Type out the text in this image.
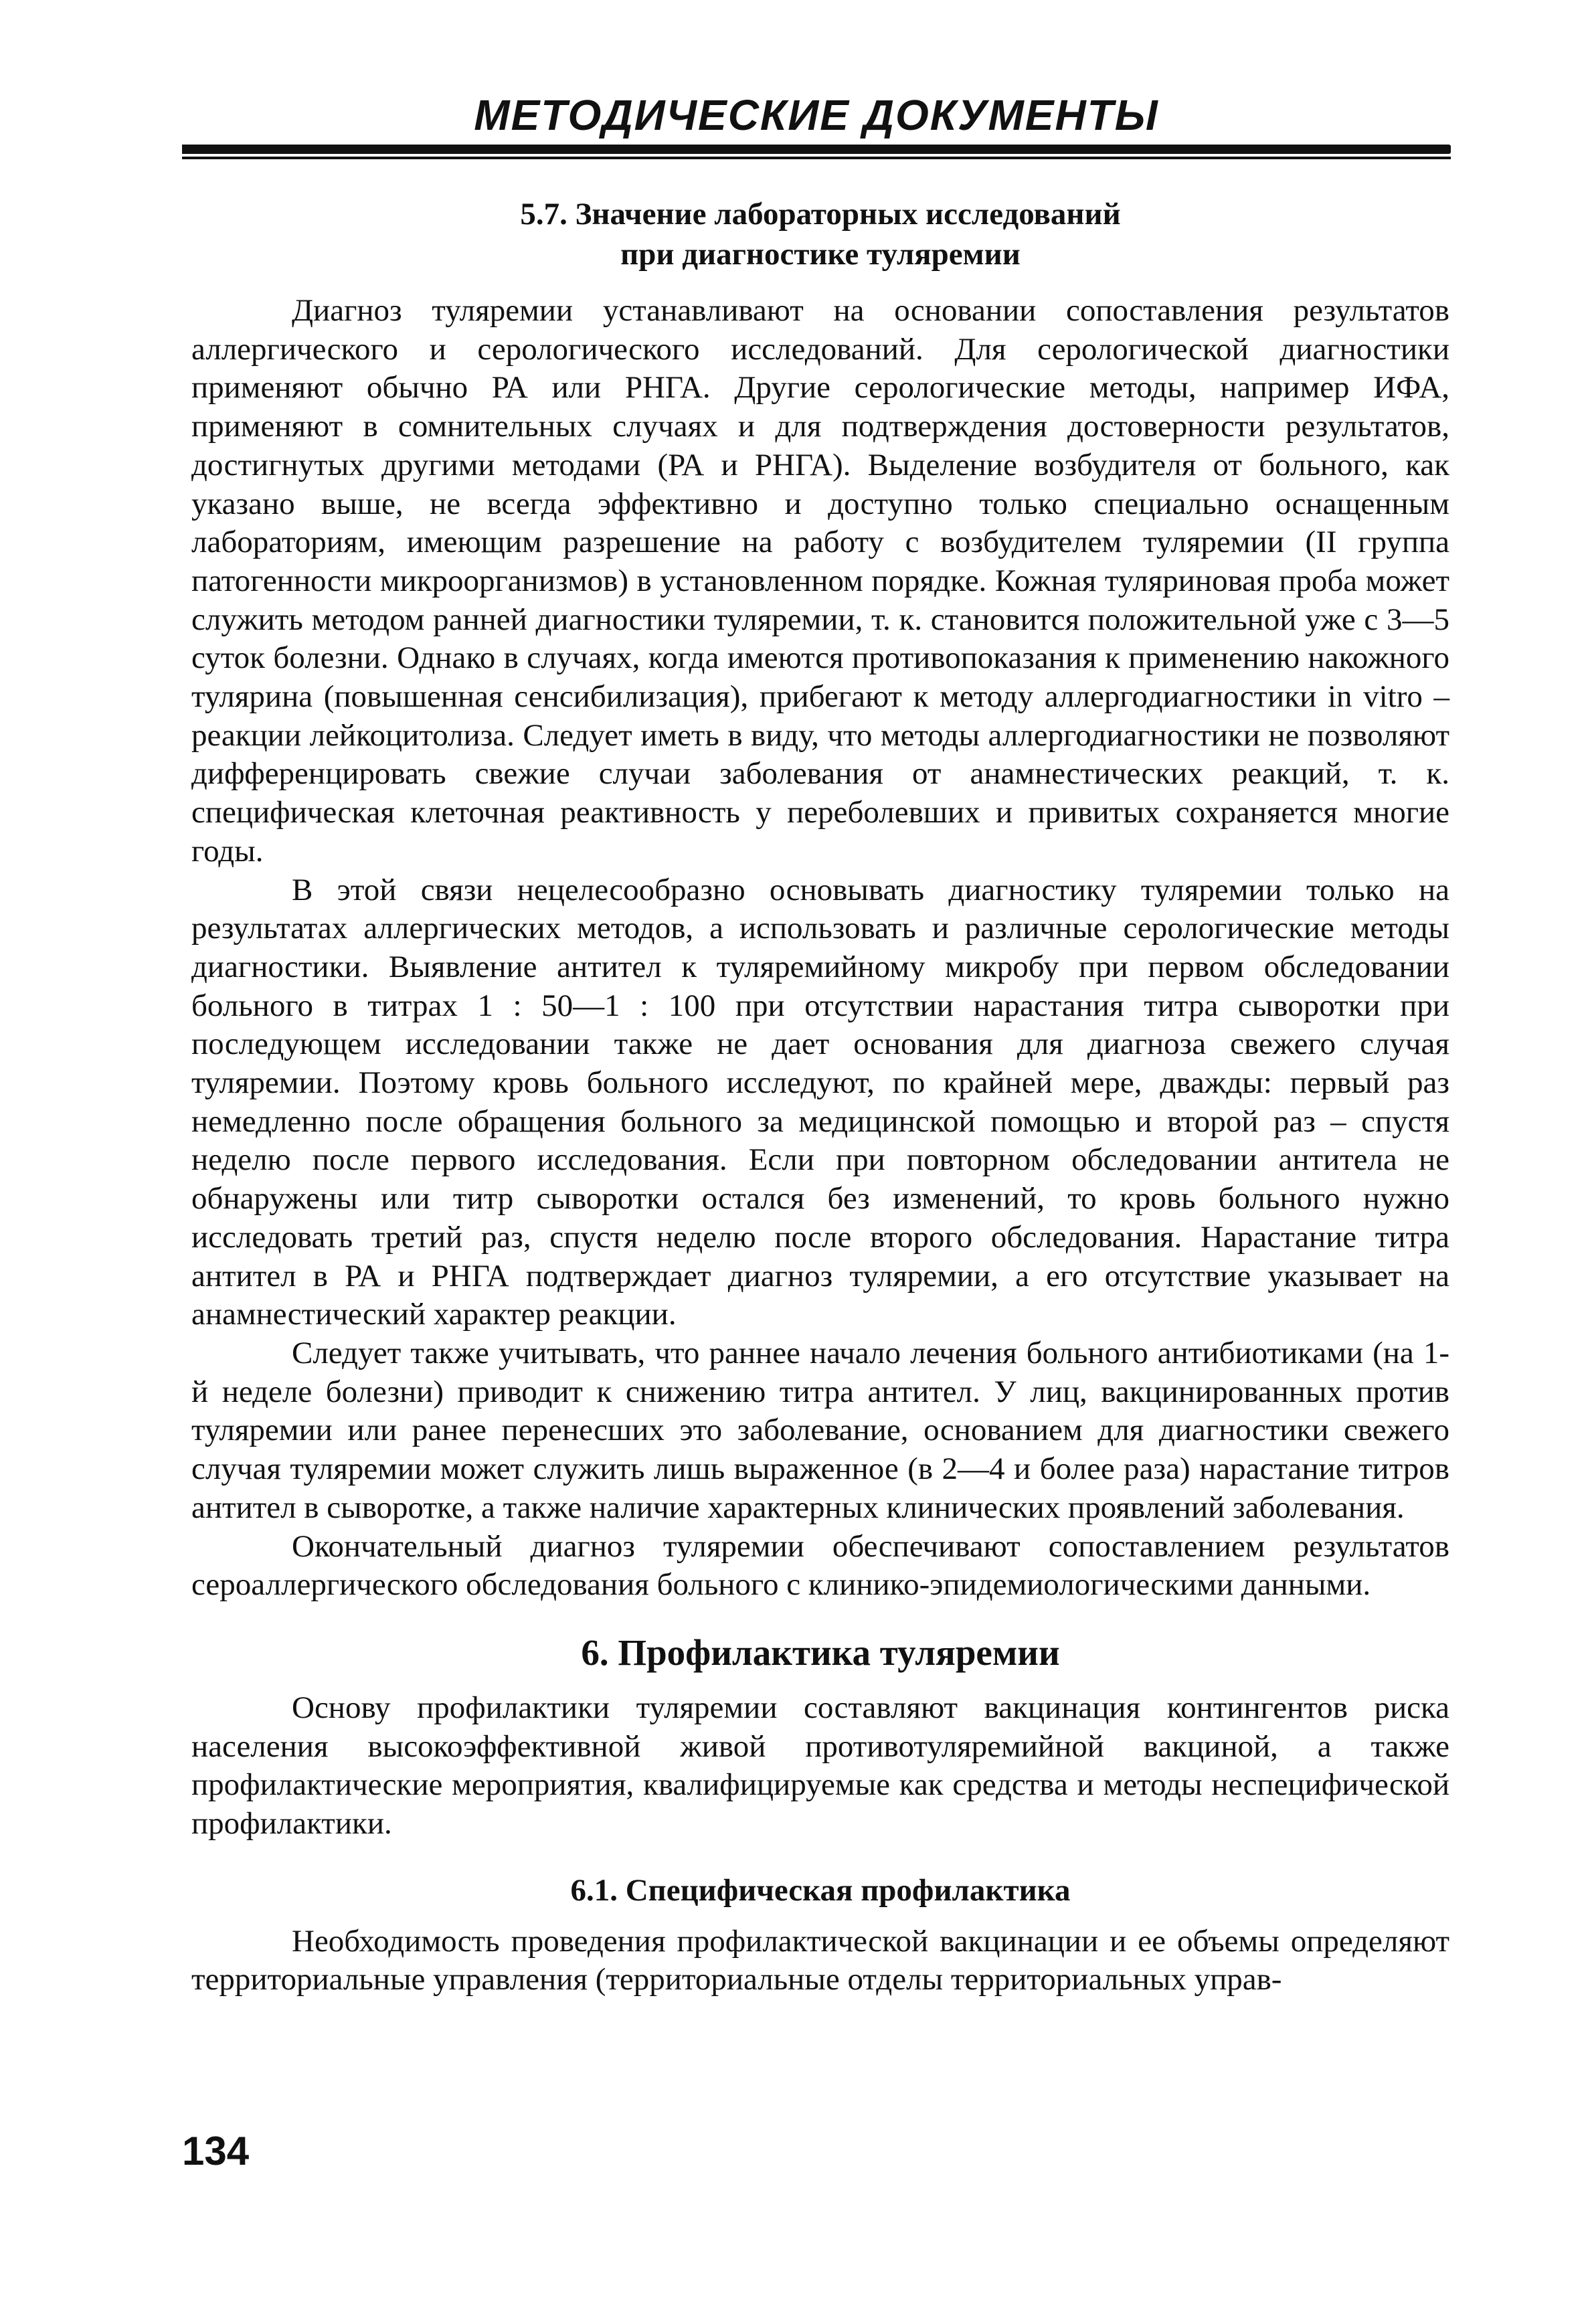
МЕТОДИЧЕСКИЕ ДОКУМЕНТЫ
5.7. Значение лабораторных исследований
при диагностике туляремии

Диагноз туляремии устанавливают на основании сопоставления результатов аллергического и серологического исследований. Для серологической диагностики применяют обычно РА или РНГА. Другие серологические методы, например ИФА, применяют в сомнительных случаях и для подтверждения достоверности результатов, достигнутых другими методами (РА и РНГА). Выделение возбудителя от больного, как указано выше, не всегда эффективно и доступно только специально оснащенным лабораториям, имеющим разрешение на работу с возбудителем туляремии (II группа патогенности микроорганизмов) в установленном порядке. Кожная туляриновая проба может служить методом ранней диагностики туляремии, т. к. становится положительной уже с 3—5 суток болезни. Однако в случаях, когда имеются противопоказания к применению накожного тулярина (повышенная сенсибилизация), прибегают к методу аллергодиагностики in vitro – реакции лейкоцитолиза. Следует иметь в виду, что методы аллергодиагностики не позволяют дифференцировать свежие случаи заболевания от анамнестических реакций, т. к. специфическая клеточная реактивность у переболевших и привитых сохраняется многие годы.

В этой связи нецелесообразно основывать диагностику туляремии только на результатах аллергических методов, а использовать и различные серологические методы диагностики. Выявление антител к туляремийному микробу при первом обследовании больного в титрах 1 : 50—1 : 100 при отсутствии нарастания титра сыворотки при последующем исследовании также не дает основания для диагноза свежего случая туляремии. Поэтому кровь больного исследуют, по крайней мере, дважды: первый раз немедленно после обращения больного за медицинской помощью и второй раз – спустя неделю после первого исследования. Если при повторном обследовании антитела не обнаружены или титр сыворотки остался без изменений, то кровь больного нужно исследовать третий раз, спустя неделю после второго обследования. Нарастание титра антител в РА и РНГА подтверждает диагноз туляремии, а его отсутствие указывает на анамнестический характер реакции.

Следует также учитывать, что раннее начало лечения больного антибиотиками (на 1-й неделе болезни) приводит к снижению титра антител. У лиц, вакцинированных против туляремии или ранее перенесших это заболевание, основанием для диагностики свежего случая туляремии может служить лишь выраженное (в 2—4 и более раза) нарастание титров антител в сыворотке, а также наличие характерных клинических проявлений заболевания.

Окончательный диагноз туляремии обеспечивают сопоставлением результатов сероаллергического обследования больного с клинико-эпидемиологическими данными.

6. Профилактика туляремии

Основу профилактики туляремии составляют вакцинация контингентов риска населения высокоэффективной живой противотуляремийной вакциной, а также профилактические мероприятия, квалифицируемые как средства и методы неспецифической профилактики.

6.1. Специфическая профилактика

Необходимость проведения профилактической вакцинации и ее объемы определяют территориальные управления (территориальные отделы территориальных управ-

134
